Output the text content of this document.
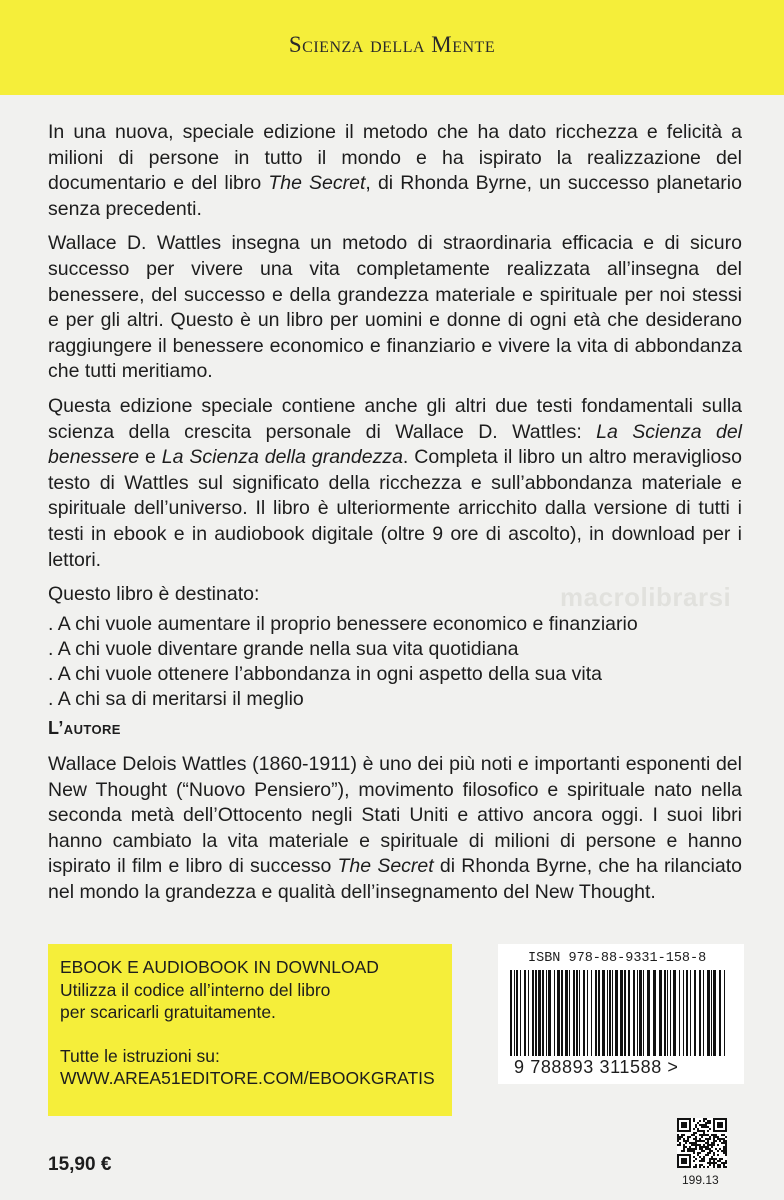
Scienza della Mente

In una nuova, speciale edizione il metodo che ha dato ricchezza e felicità a milioni di persone in tutto il mondo e ha ispirato la realizzazione del documentario e del libro The Secret, di Rhonda Byrne, un successo planetario senza precedenti.

Wallace D. Wattles insegna un metodo di straordinaria efficacia e di sicuro successo per vivere una vita completamente realizzata all’insegna del benessere, del successo e della grandezza materiale e spirituale per noi stessi e per gli altri. Questo è un libro per uomini e donne di ogni età che desiderano raggiungere il benessere economico e finanziario e vivere la vita di abbondanza che tutti meritiamo.

Questa edizione speciale contiene anche gli altri due testi fondamentali sulla scienza della crescita personale di Wallace D. Wattles: La Scienza del benessere e La Scienza della grandezza. Completa il libro un altro meraviglioso testo di Wattles sul significato della ricchezza e sull’abbondanza materiale e spirituale dell’universo. Il libro è ulteriormente arricchito dalla versione di tutti i testi in ebook e in audiobook digitale (oltre 9 ore di ascolto), in download per i lettori.

Questo libro è destinato:

. A chi vuole aumentare il proprio benessere economico e finanziario
. A chi vuole diventare grande nella sua vita quotidiana
. A chi vuole ottenere l’abbondanza in ogni aspetto della sua vita
. A chi sa di meritarsi il meglio
macrolibrarsi
L’autore
Wallace Delois Wattles (1860-1911) è uno dei più noti e importanti esponenti del New Thought (“Nuovo Pensiero”), movimento filosofico e spirituale nato nella seconda metà dell’Ottocento negli Stati Uniti e attivo ancora oggi. I suoi libri hanno cambiato la vita materiale e spirituale di milioni di persone e hanno ispirato il film e libro di successo The Secret di Rhonda Byrne, che ha rilanciato nel mondo la grandezza e qualità dell’insegnamento del New Thought.
EBOOK E AUDIOBOOK IN DOWNLOAD
Utilizza il codice all’interno del libro
per scaricarli gratuitamente.
Tutte le istruzioni su:
WWW.AREA51EDITORE.COM/EBOOKGRATIS
ISBN 978-88-9331-158-8
9 788893 311588 >
15,90 €
199.13
